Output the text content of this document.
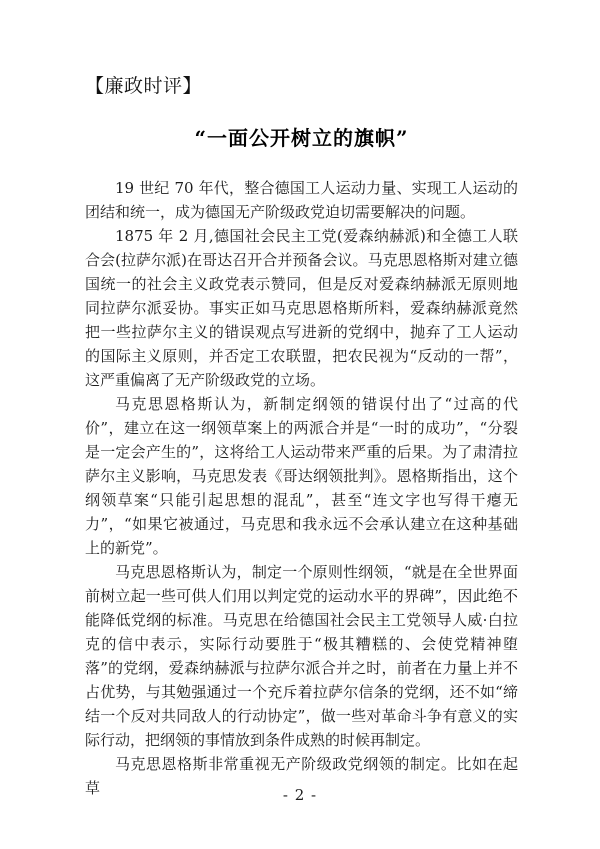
【廉政时评】
“一面公开树立的旗帜”

19 世纪 70 年代，整合德国工人运动力量、实现工人运动的团结和统一，成为德国无产阶级政党迫切需要解决的问题。

1875 年 2 月,德国社会民主工党(爱森纳赫派)和全德工人联合会(拉萨尔派)在哥达召开合并预备会议。马克思恩格斯对建立德国统一的社会主义政党表示赞同，但是反对爱森纳赫派无原则地同拉萨尔派妥协。事实正如马克思恩格斯所料，爱森纳赫派竟然把一些拉萨尔主义的错误观点写进新的党纲中，抛弃了工人运动的国际主义原则，并否定工农联盟，把农民视为“反动的一帮”，这严重偏离了无产阶级政党的立场。

马克思恩格斯认为，新制定纲领的错误付出了“过高的代价”，建立在这一纲领草案上的两派合并是“一时的成功”，“分裂是一定会产生的”，这将给工人运动带来严重的后果。为了肃清拉萨尔主义影响，马克思发表《哥达纲领批判》。恩格斯指出，这个纲领草案“只能引起思想的混乱”，甚至“连文字也写得干瘪无力”，“如果它被通过，马克思和我永远不会承认建立在这种基础上的新党”。

马克思恩格斯认为，制定一个原则性纲领，“就是在全世界面前树立起一些可供人们用以判定党的运动水平的界碑”，因此绝不能降低党纲的标准。马克思在给德国社会民主工党领导人威·白拉克的信中表示，实际行动要胜于“极其糟糕的、会使党精神堕落”的党纲，爱森纳赫派与拉萨尔派合并之时，前者在力量上并不占优势，与其勉强通过一个充斥着拉萨尔信条的党纲，还不如“缔结一个反对共同敌人的行动协定”，做一些对革命斗争有意义的实际行动，把纲领的事情放到条件成熟的时候再制定。

马克思恩格斯非常重视无产阶级政党纲领的制定。比如在起草	- 2 -
